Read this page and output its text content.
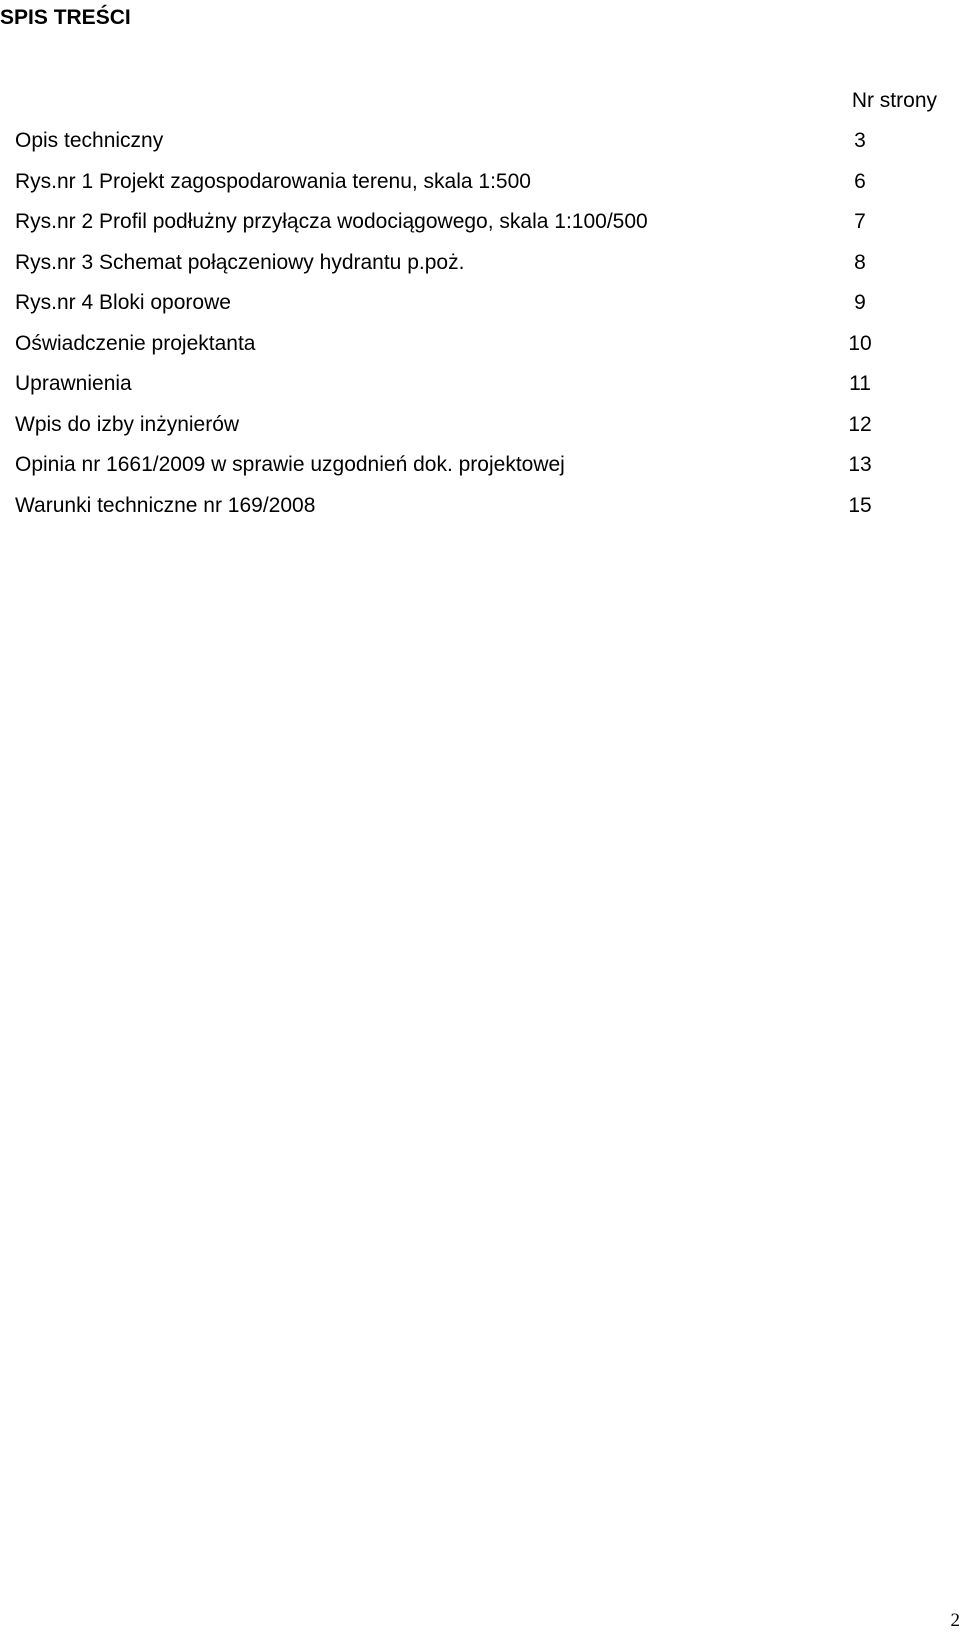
SPIS TREŚCI
Nr strony
Opis techniczny	3
Rys.nr 1 Projekt zagospodarowania terenu, skala 1:500	6
Rys.nr 2 Profil podłużny przyłącza wodociągowego, skala 1:100/500	7
Rys.nr 3 Schemat połączeniowy hydrantu p.poż.	8
Rys.nr 4 Bloki oporowe	9
Oświadczenie projektanta	10
Uprawnienia	11
Wpis do izby inżynierów	12
Opinia nr 1661/2009 w sprawie uzgodnień dok. projektowej	13
Warunki techniczne nr 169/2008	15
2
